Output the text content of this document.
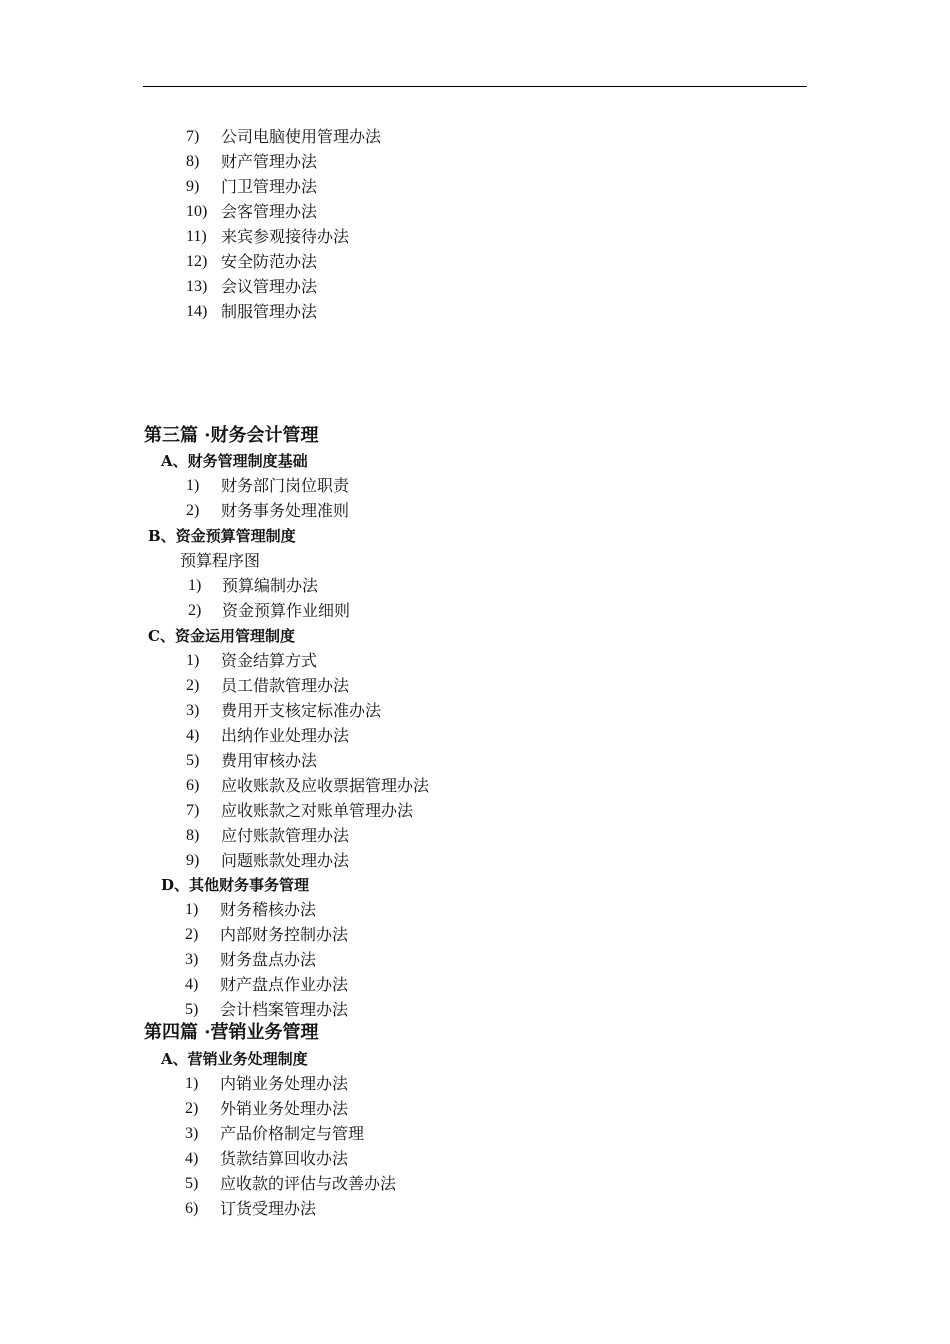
7) 公司电脑使用管理办法
8) 财产管理办法
9) 门卫管理办法
10) 会客管理办法
11) 来宾参观接待办法
12) 安全防范办法
13) 会议管理办法
14) 制服管理办法
第三篇 ·财务会计管理
A、财务管理制度基础
1) 财务部门岗位职责
2) 财务事务处理准则
B、资金预算管理制度
预算程序图
1) 预算编制办法
2) 资金预算作业细则
C、资金运用管理制度
1) 资金结算方式
2) 员工借款管理办法
3) 费用开支核定标准办法
4) 出纳作业处理办法
5) 费用审核办法
6) 应收账款及应收票据管理办法
7) 应收账款之对账单管理办法
8) 应付账款管理办法
9) 问题账款处理办法
D、其他财务事务管理
1) 财务稽核办法
2) 内部财务控制办法
3) 财务盘点办法
4) 财产盘点作业办法
5) 会计档案管理办法
第四篇 ·营销业务管理
A、营销业务处理制度
1) 内销业务处理办法
2) 外销业务处理办法
3) 产品价格制定与管理
4) 货款结算回收办法
5) 应收款的评估与改善办法
6) 订货受理办法
